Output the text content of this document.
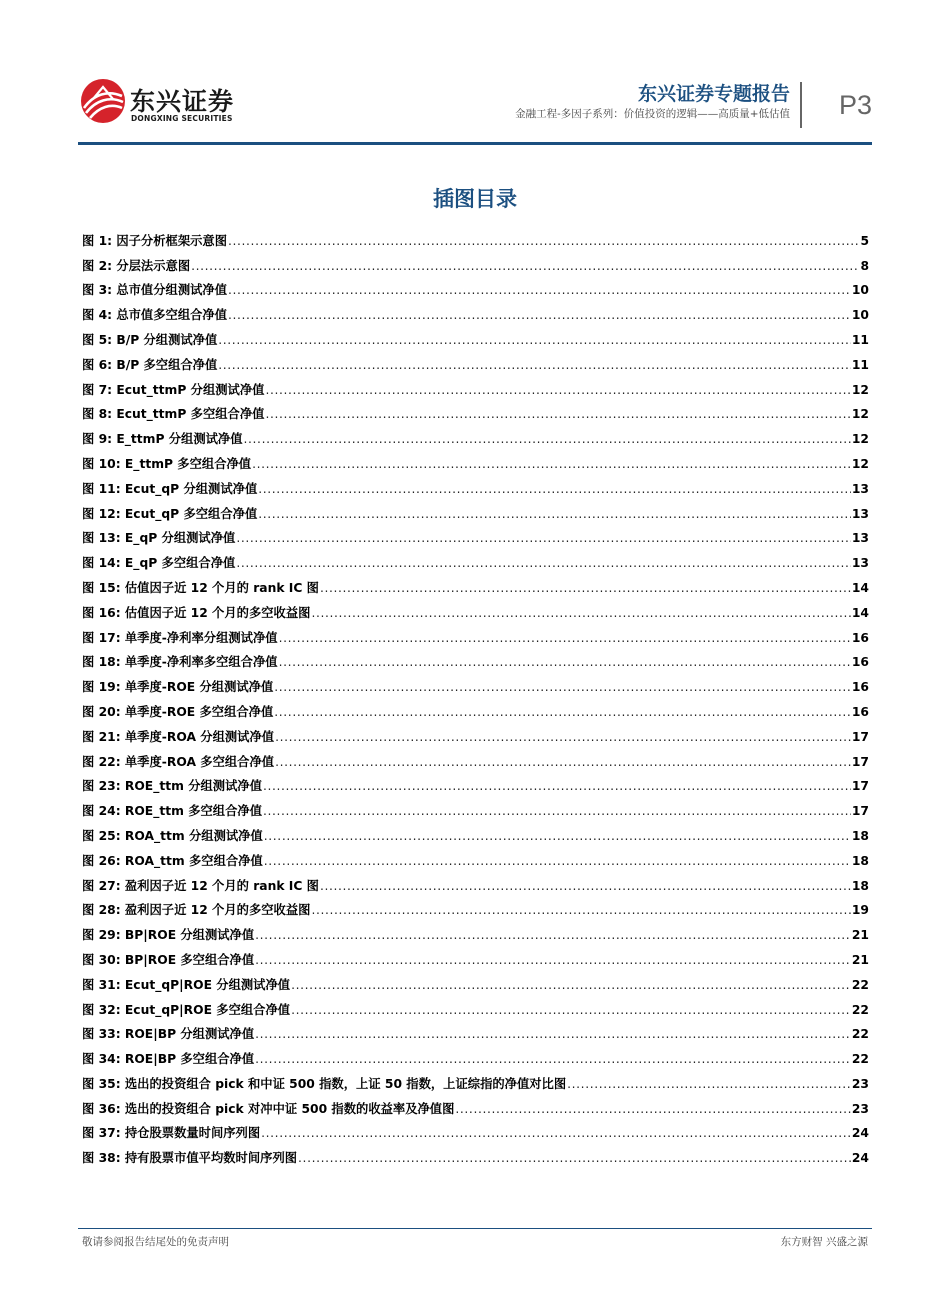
东兴证券
DONGXING SECURITIES
东兴证券专题报告
金融工程-多因子系列：价值投资的逻辑——高质量+低估值 P3
插图目录
图 1: 因子分析框架示意图 .....	5
图 2: 分层法示意图 .....	8
图 3: 总市值分组测试净值 .....	10
图 4: 总市值多空组合净值 .....	10
图 5: B/P 分组测试净值 .....	11
图 6: B/P 多空组合净值 .....	11
图 7: Ecut_ttmP 分组测试净值 .....	12
图 8: Ecut_ttmP 多空组合净值 .....	12
图 9: E_ttmP 分组测试净值 .....	12
图 10: E_ttmP 多空组合净值 .....	12
图 11: Ecut_qP 分组测试净值 .....	13
图 12: Ecut_qP 多空组合净值 .....	13
图 13: E_qP 分组测试净值 .....	13
图 14: E_qP 多空组合净值 .....	13
图 15: 估值因子近 12 个月的 rank IC 图 .....	14
图 16: 估值因子近 12 个月的多空收益图 .....	14
图 17: 单季度-净利率分组测试净值 .....	16
图 18: 单季度-净利率多空组合净值 .....	16
图 19: 单季度-ROE 分组测试净值 .....	16
图 20: 单季度-ROE 多空组合净值 .....	16
图 21: 单季度-ROA 分组测试净值 .....	17
图 22: 单季度-ROA 多空组合净值 .....	17
图 23: ROE_ttm 分组测试净值 .....	17
图 24: ROE_ttm 多空组合净值 .....	17
图 25: ROA_ttm 分组测试净值 .....	18
图 26: ROA_ttm 多空组合净值 .....	18
图 27: 盈利因子近 12 个月的 rank IC 图 .....	18
图 28: 盈利因子近 12 个月的多空收益图 .....	19
图 29: BP|ROE 分组测试净值 .....	21
图 30: BP|ROE 多空组合净值 .....	21
图 31: Ecut_qP|ROE 分组测试净值 .....	22
图 32: Ecut_qP|ROE 多空组合净值 .....	22
图 33: ROE|BP 分组测试净值 .....	22
图 34: ROE|BP 多空组合净值 .....	22
图 35: 选出的投资组合 pick 和中证 500 指数，上证 50 指数，上证综指的净值对比图 .....	23
图 36: 选出的投资组合 pick 对冲中证 500 指数的收益率及净值图 .....	23
图 37: 持仓股票数量时间序列图 .....	24
图 38: 持有股票市值平均数时间序列图 .....	24
敬请参阅报告结尾处的免责声明	东方财智 兴盛之源
